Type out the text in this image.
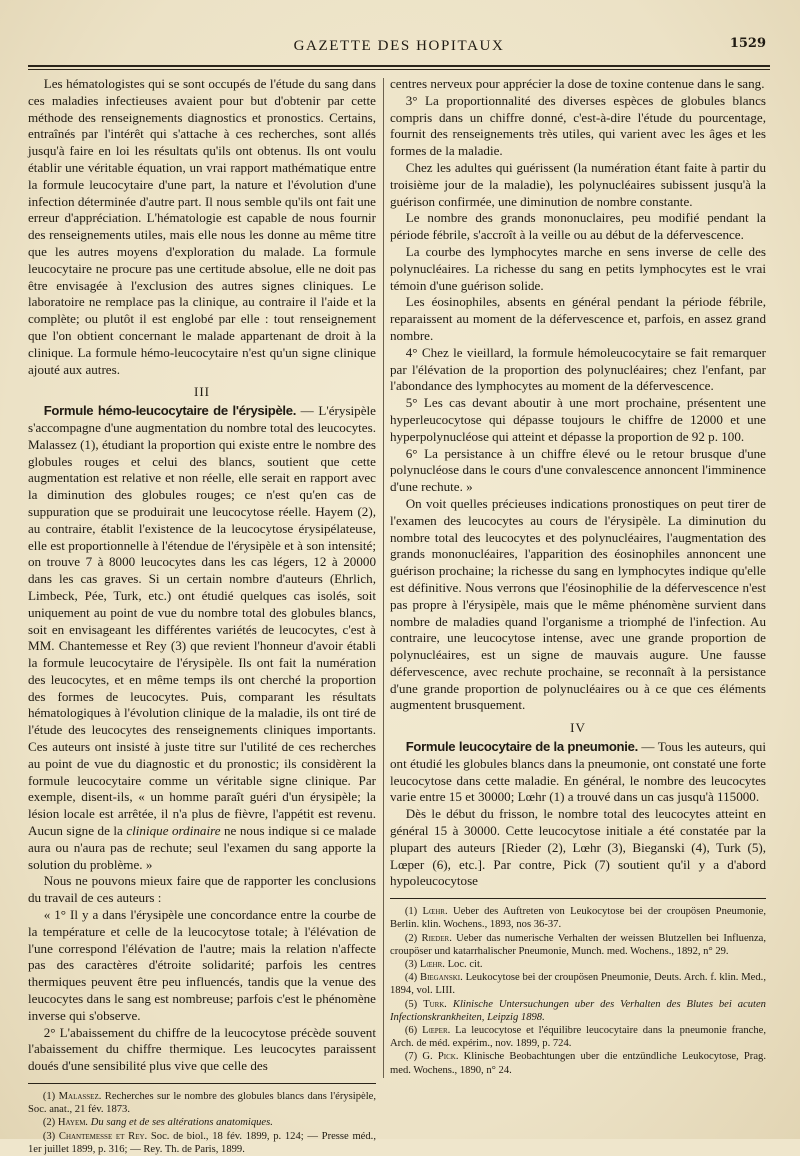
GAZETTE DES HOPITAUX	1529

Les hématologistes qui se sont occupés de l'étude du sang dans ces maladies infectieuses avaient pour but d'obtenir par cette méthode des renseignements diagnostics et pronostics. Certains, entraînés par l'intérêt qui s'attache à ces recherches, sont allés jusqu'à faire en loi les résultats qu'ils ont obtenus. Ils ont voulu établir une véritable équation, un vrai rapport mathématique entre la formule leucocytaire d'une part, la nature et l'évolution d'une infection déterminée d'autre part. Il nous semble qu'ils ont fait une erreur d'appréciation. L'hématologie est capable de nous fournir des renseignements utiles, mais elle nous les donne au même titre que les autres moyens d'exploration du malade. La formule leucocytaire ne procure pas une certitude absolue, elle ne doit pas être envisagée à l'exclusion des autres signes cliniques. Le laboratoire ne remplace pas la clinique, au contraire il l'aide et la complète; ou plutôt il est englobé par elle : tout renseignement que l'on obtient concernant le malade appartenant de droit à la clinique. La formule hémo-leucocytaire n'est qu'un signe clinique ajouté aux autres.

III

Formule hémo-leucocytaire de l'érysipèle. — L'érysipèle s'accompagne d'une augmentation du nombre total des leucocytes. Malassez (1), étudiant la proportion qui existe entre le nombre des globules rouges et celui des blancs, soutient que cette augmentation est relative et non réelle, elle serait en rapport avec la diminution des globules rouges; ce n'est qu'en cas de suppuration que se produirait une leucocytose réelle. Hayem (2), au contraire, établit l'existence de la leucocytose érysipélateuse, elle est proportionnelle à l'étendue de l'érysipèle et à son intensité; on trouve 7 à 8000 leucocytes dans les cas légers, 12 à 20000 dans les cas graves. Si un certain nombre d'auteurs (Ehrlich, Limbeck, Pée, Turk, etc.) ont étudié quelques cas isolés, soit uniquement au point de vue du nombre total des globules blancs, soit en envisageant les différentes variétés de leucocytes, c'est à MM. Chantemesse et Rey (3) que revient l'honneur d'avoir établi la formule leucocytaire de l'érysipèle. Ils ont fait la numération des leucocytes, et en même temps ils ont cherché la proportion des formes de leucocytes. Puis, comparant les résultats hématologiques à l'évolution clinique de la maladie, ils ont tiré de l'étude des leucocytes des renseignements cliniques importants. Ces auteurs ont insisté à juste titre sur l'utilité de ces recherches au point de vue du diagnostic et du pronostic; ils considèrent la formule leucocytaire comme un véritable signe clinique. Par exemple, disent-ils, « un homme paraît guéri d'un érysipèle; la lésion locale est arrêtée, il n'a plus de fièvre, l'appétit est revenu. Aucun signe de la clinique ordinaire ne nous indique si ce malade aura ou n'aura pas de rechute; seul l'examen du sang apporte la solution du problème. »

Nous ne pouvons mieux faire que de rapporter les conclusions du travail de ces auteurs :

« 1° Il y a dans l'érysipèle une concordance entre la courbe de la température et celle de la leucocytose totale; à l'élévation de l'une correspond l'élévation de l'autre; mais la relation n'affecte pas des caractères d'étroite solidarité; parfois les centres thermiques peuvent être peu influencés, tandis que la venue des leucocytes dans le sang est nombreuse; parfois c'est le phénomène inverse qui s'observe.

2° L'abaissement du chiffre de la leucocytose précède souvent l'abaissement du chiffre thermique. Les leucocytes paraissent doués d'une sensibilité plus vive que celle des

(1) Malassez. Recherches sur le nombre des globules blancs dans l'érysipèle, Soc. anat., 21 fév. 1873.

(2) Hayem. Du sang et de ses altérations anatomiques.

(3) Chantemesse et Rey. Soc. de biol., 18 fév. 1899, p. 124; — Presse méd., 1er juillet 1899, p. 316; — Rey. Th. de Paris, 1899.

centres nerveux pour apprécier la dose de toxine contenue dans le sang.

3° La proportionnalité des diverses espèces de globules blancs compris dans un chiffre donné, c'est-à-dire l'étude du pourcentage, fournit des renseignements très utiles, qui varient avec les âges et les formes de la maladie.

Chez les adultes qui guérissent (la numération étant faite à partir du troisième jour de la maladie), les polynucléaires subissent jusqu'à la guérison confirmée, une diminution de nombre constante.

Le nombre des grands mononuclaires, peu modifié pendant la période fébrile, s'accroît à la veille ou au début de la défervescence.

La courbe des lymphocytes marche en sens inverse de celle des polynucléaires. La richesse du sang en petits lymphocytes est le vrai témoin d'une guérison solide.

Les éosinophiles, absents en général pendant la période fébrile, reparaissent au moment de la défervescence et, parfois, en assez grand nombre.

4° Chez le vieillard, la formule hémoleucocytaire se fait remarquer par l'élévation de la proportion des polynucléaires; chez l'enfant, par l'abondance des lymphocytes au moment de la défervescence.

5° Les cas devant aboutir à une mort prochaine, présentent une hyperleucocytose qui dépasse toujours le chiffre de 12000 et une hyperpolynucléose qui atteint et dépasse la proportion de 92 p. 100.

6° La persistance à un chiffre élevé ou le retour brusque d'une polynucléose dans le cours d'une convalescence annoncent l'imminence d'une rechute. »

On voit quelles précieuses indications pronostiques on peut tirer de l'examen des leucocytes au cours de l'érysipèle. La diminution du nombre total des leucocytes et des polynucléaires, l'augmentation des grands mononucléaires, l'apparition des éosinophiles annoncent une guérison prochaine; la richesse du sang en lymphocytes indique qu'elle est définitive. Nous verrons que l'éosinophilie de la défervescence n'est pas propre à l'érysipèle, mais que le même phénomène survient dans nombre de maladies quand l'organisme a triomphé de l'infection. Au contraire, une leucocytose intense, avec une grande proportion de polynucléaires, est un signe de mauvais augure. Une fausse défervescence, avec rechute prochaine, se reconnaît à la persistance d'une grande proportion de polynucléaires ou à ce que ces éléments augmentent brusquement.

IV

Formule leucocytaire de la pneumonie. — Tous les auteurs, qui ont étudié les globules blancs dans la pneumonie, ont constaté une forte leucocytose dans cette maladie. En général, le nombre des leucocytes varie entre 15 et 30000; Lœhr (1) a trouvé dans un cas jusqu'à 115000.

Dès le début du frisson, le nombre total des leucocytes atteint en général 15 à 30000. Cette leucocytose initiale a été constatée par la plupart des auteurs [Rieder (2), Lœhr (3), Bieganski (4), Turk (5), Lœper (6), etc.]. Par contre, Pick (7) soutient qu'il y a d'abord hypoleucocytose

(1) Lœhr. Ueber des Auftreten von Leukocytose bei der croupösen Pneumonie, Berlin. klin. Wochens., 1893, nos 36-37.

(2) Rieder. Ueber das numerische Verhalten der weissen Blutzellen bei Influenza, croupöser und katarrhalischer Pneumonie, Munch. med. Wochens., 1892, n° 29.

(3) Lœhr. Loc. cit.

(4) Bieganski. Leukocytose bei der croupösen Pneumonie, Deuts. Arch. f. klin. Med., 1894, vol. LIII.

(5) Turk. Klinische Untersuchungen uber des Verhalten des Blutes bei acuten Infectionskrankheiten, Leipzig 1898.

(6) Lœper. La leucocytose et l'équilibre leucocytaire dans la pneumonie franche, Arch. de méd. expérim., nov. 1899, p. 724.

(7) G. Pick. Klinische Beobachtungen uber die entzündliche Leukocytose, Prag. med. Wochens., 1890, n° 24.
